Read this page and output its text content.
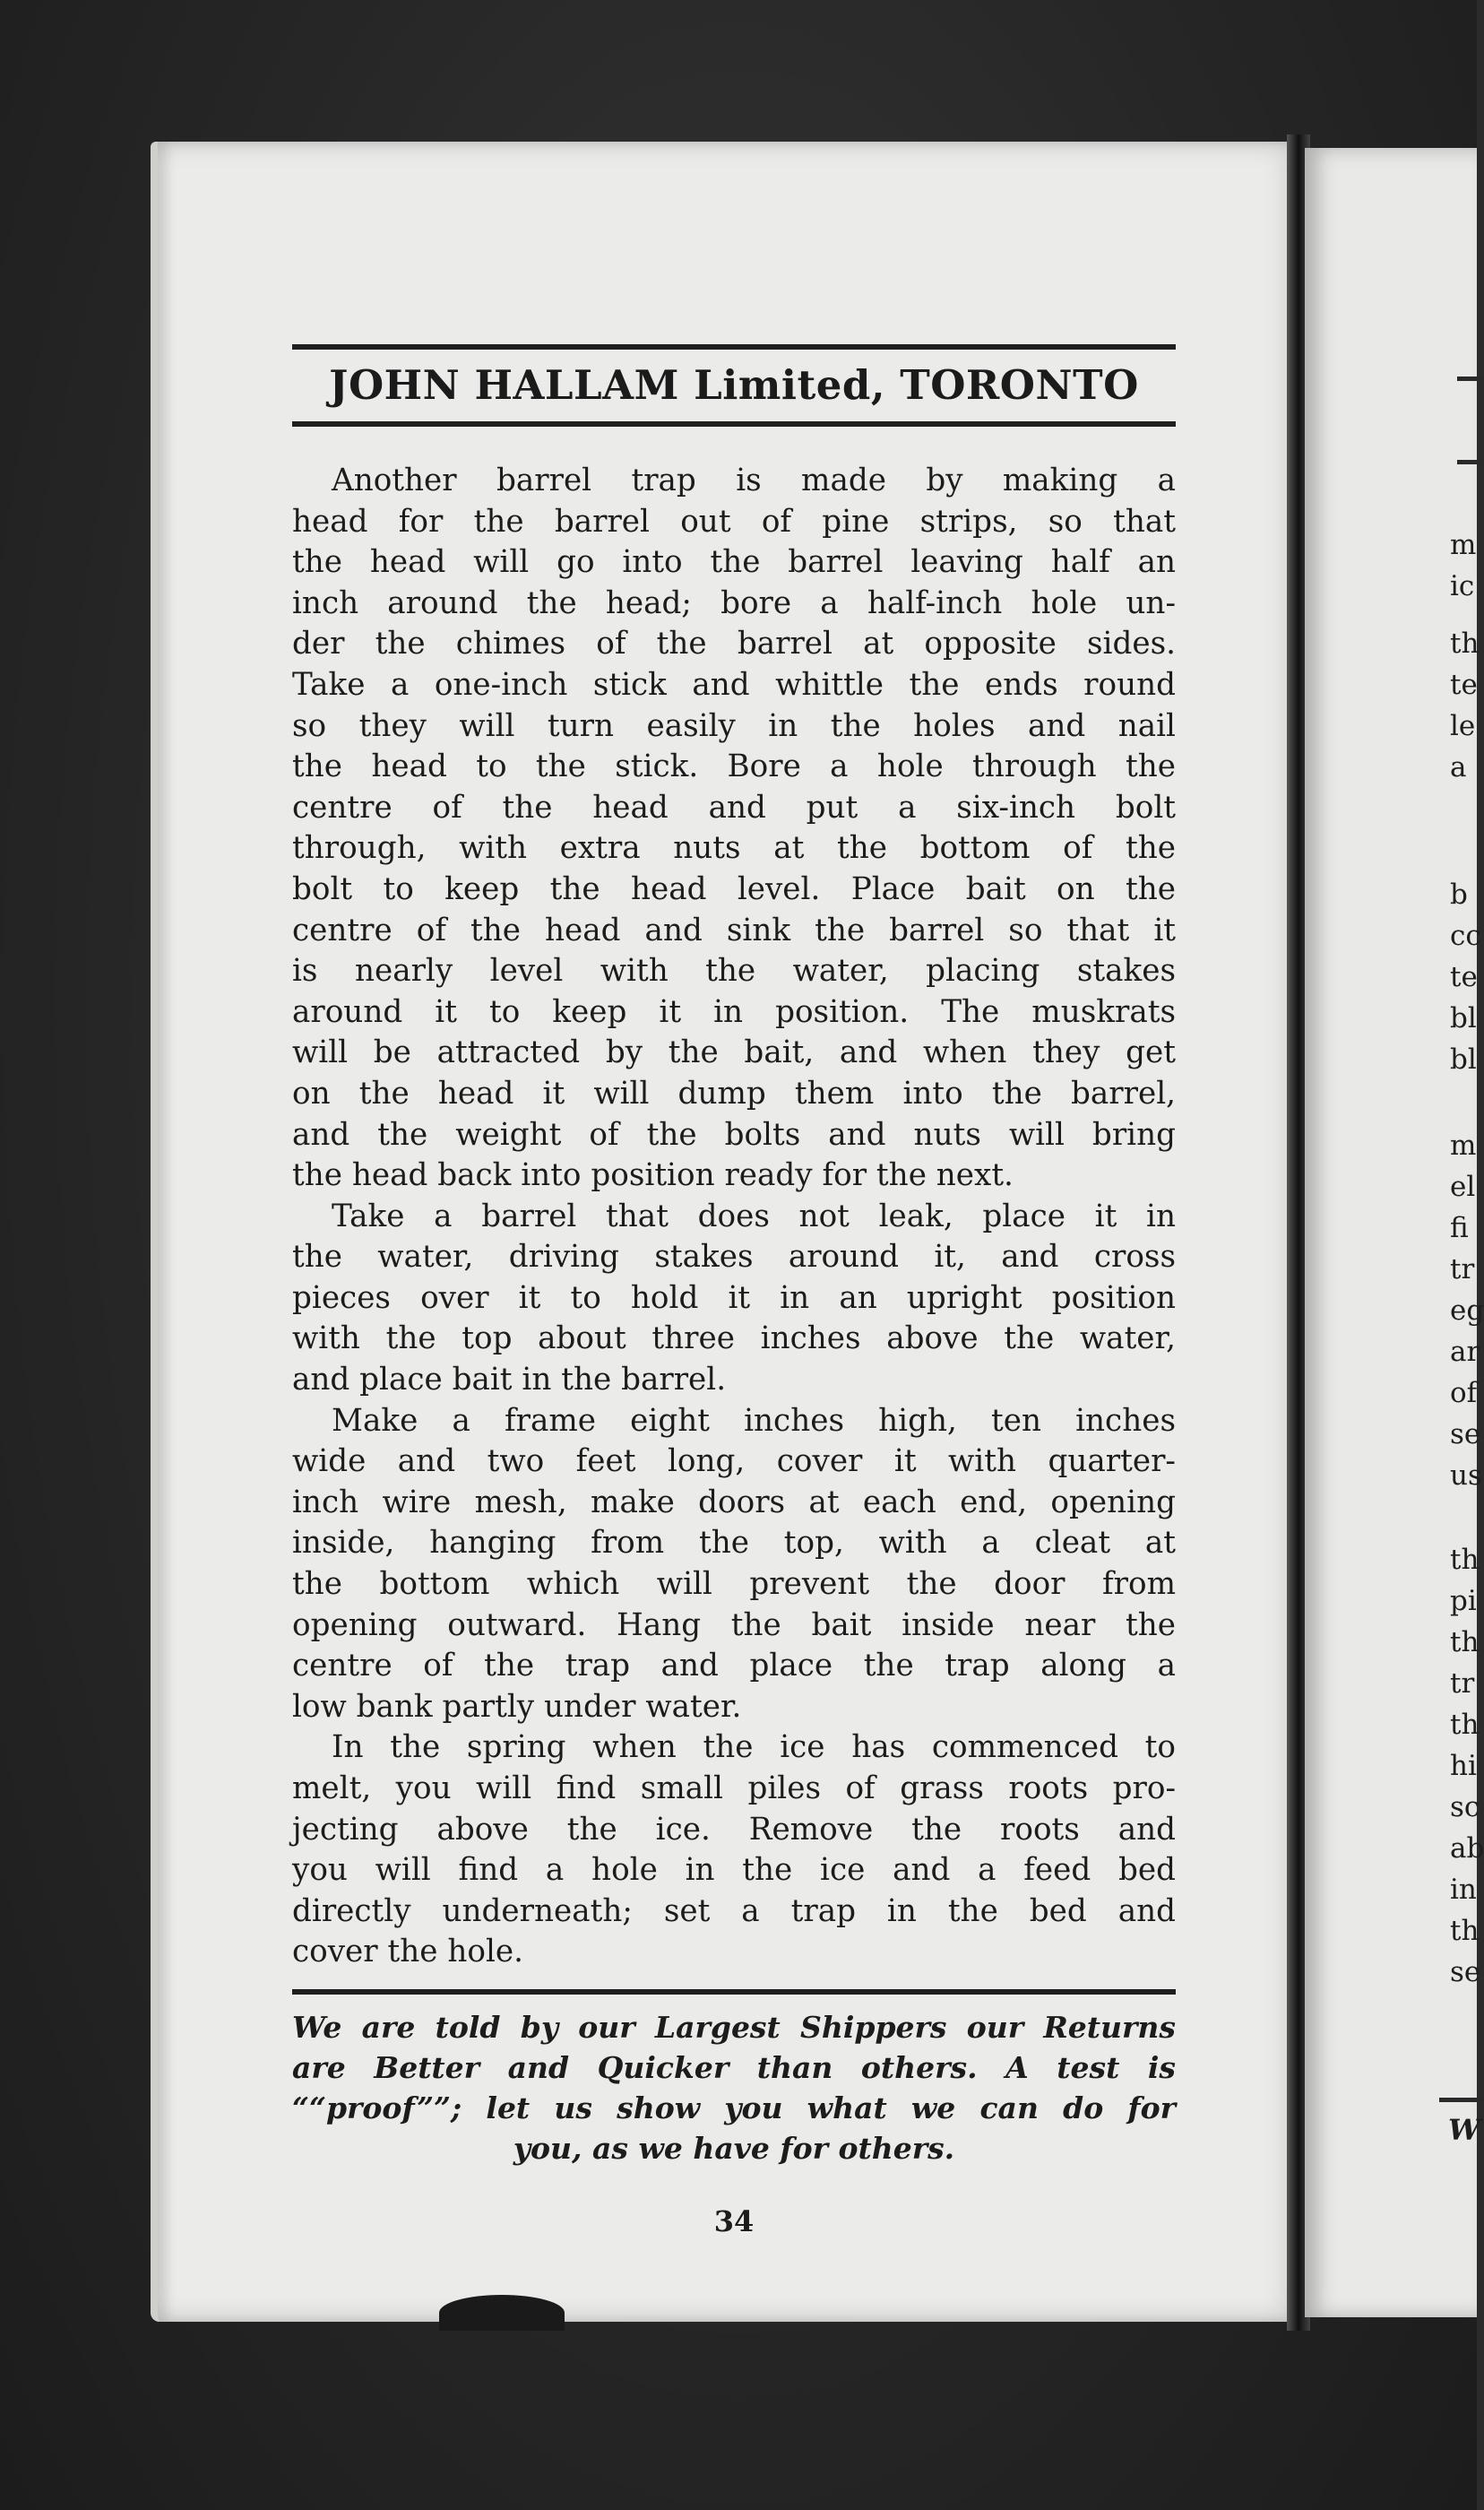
m
ic
th
te
le
a
b
cc
te
bl
bl
m
el
fi
tr
eg
ar
of
se
us
th
pi
th
tr
th
hi
sc
ab
in
th
se
W
JOHN HALLAM Limited, TORONTO
Another barrel trap is made by making a
head for the barrel out of pine strips, so that
the head will go into the barrel leaving half an
inch around the head; bore a half-inch hole un-
der the chimes of the barrel at opposite sides.
Take a one-inch stick and whittle the ends round
so they will turn easily in the holes and nail
the head to the stick. Bore a hole through the
centre of the head and put a six-inch bolt
through, with extra nuts at the bottom of the
bolt to keep the head level. Place bait on the
centre of the head and sink the barrel so that it
is nearly level with the water, placing stakes
around it to keep it in position. The muskrats
will be attracted by the bait, and when they get
on the head it will dump them into the barrel,
and the weight of the bolts and nuts will bring
the head back into position ready for the next.
Take a barrel that does not leak, place it in
the water, driving stakes around it, and cross
pieces over it to hold it in an upright position
with the top about three inches above the water,
and place bait in the barrel.
Make a frame eight inches high, ten inches
wide and two feet long, cover it with quarter-
inch wire mesh, make doors at each end, opening
inside, hanging from the top, with a cleat at
the bottom which will prevent the door from
opening outward. Hang the bait inside near the
centre of the trap and place the trap along a
low bank partly under water.
In the spring when the ice has commenced to
melt, you will find small piles of grass roots pro-
jecting above the ice. Remove the roots and
you will find a hole in the ice and a feed bed
directly underneath; set a trap in the bed and
cover the hole.
We are told by our Largest Shippers our Returns
are Better and Quicker than others. A test is
““proof””; let us show you what we can do for
you, as we have for others.
34
